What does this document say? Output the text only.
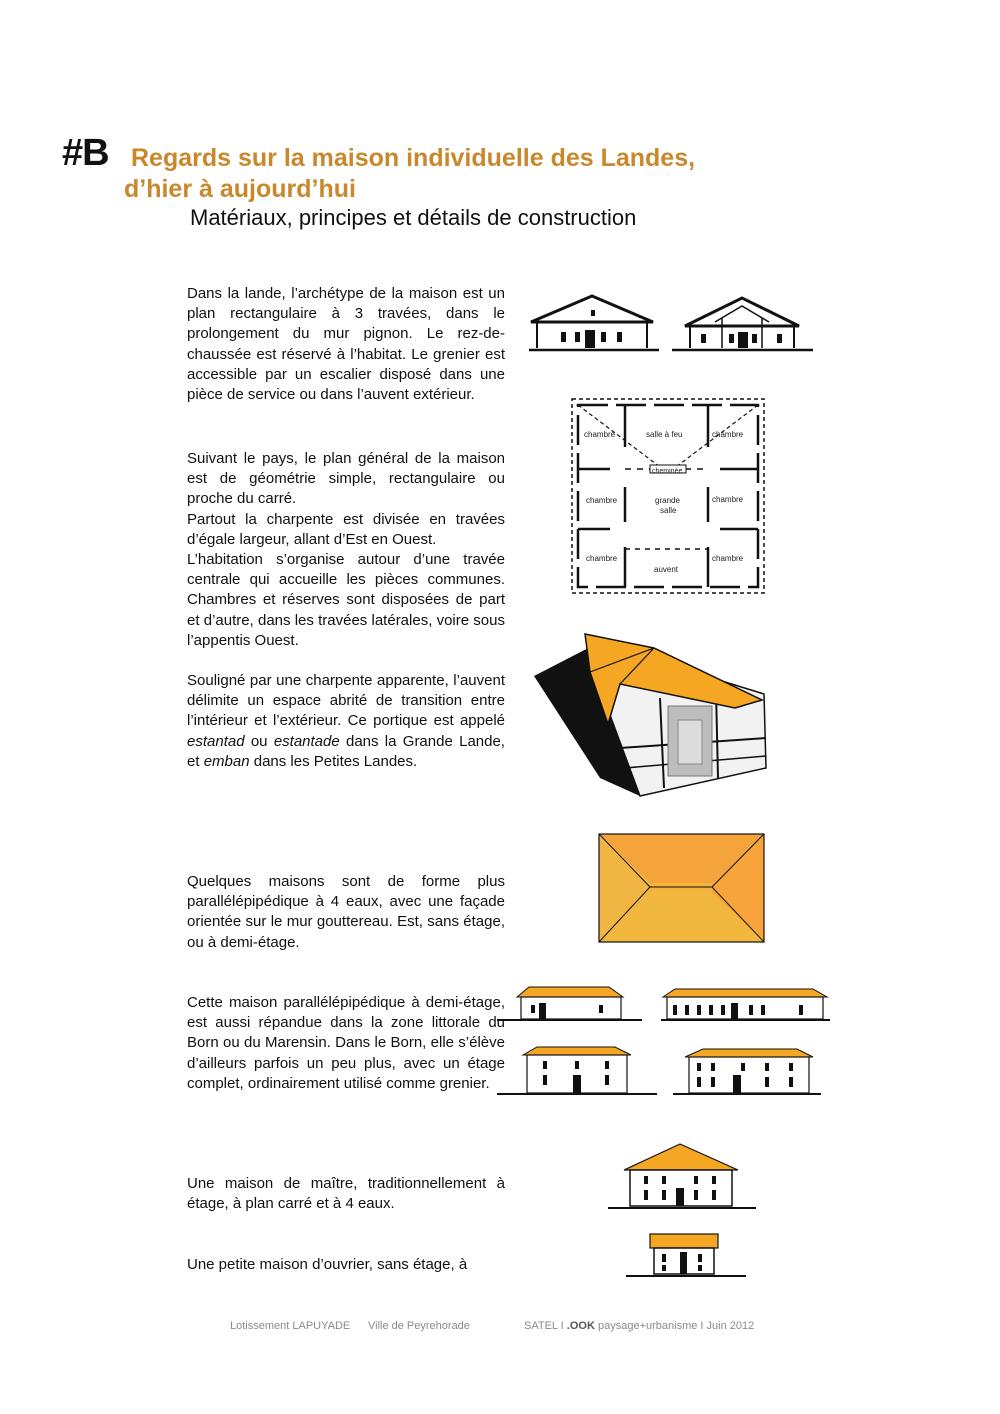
#B Regards sur la maison individuelle des Landes,
d’hier à aujourd’hui
Matériaux, principes et détails de construction

Dans la lande, l’archétype de la maison est un plan rectangulaire à 3 travées, dans le prolongement du mur pignon. Le rez-de-chaussée est réservé à l’habitat. Le grenier est accessible par un escalier disposé dans une pièce de service ou dans l’auvent extérieur.

Suivant le pays, le plan général de la maison est de géométrie simple, rectangulaire ou proche du carré.

Partout la charpente est divisée en travées d’égale largeur, allant d’Est en Ouest.

L’habitation s’organise autour d’une travée centrale qui accueille les pièces communes. Chambres et réserves sont disposées de part et d’autre, dans les travées latérales, voire sous l’appentis Ouest.

Souligné par une charpente apparente, l’auvent délimite un espace abrité de transition entre l’intérieur et l’extérieur. Ce portique est appelé estantad ou estantade dans la Grande Lande, et emban dans les Petites Landes.

Quelques maisons sont de forme plus parallélépipédique à 4 eaux, avec une façade orientée sur le mur gouttereau. Est, sans étage, ou à demi-étage.

Cette maison parallélépipédique à demi-étage, est aussi répandue dans la zone littorale du Born ou du Marensin. Dans le Born, elle s’élève d’ailleurs parfois un peu plus, avec un étage complet, ordinairement utilisé comme grenier.

Une maison de maître, traditionnellement à étage, à plan carré et à 4 eaux.

Une petite maison d’ouvrier, sans étage, à

chambre	salle à feu	chambre
cheminée
chambre	grande
salle
chambre
chambre
auvent
chambre
Lotissement LAPUYADE Ville de Peyrehorade	SATEL I .OOK paysage+urbanisme I Juin 2012
